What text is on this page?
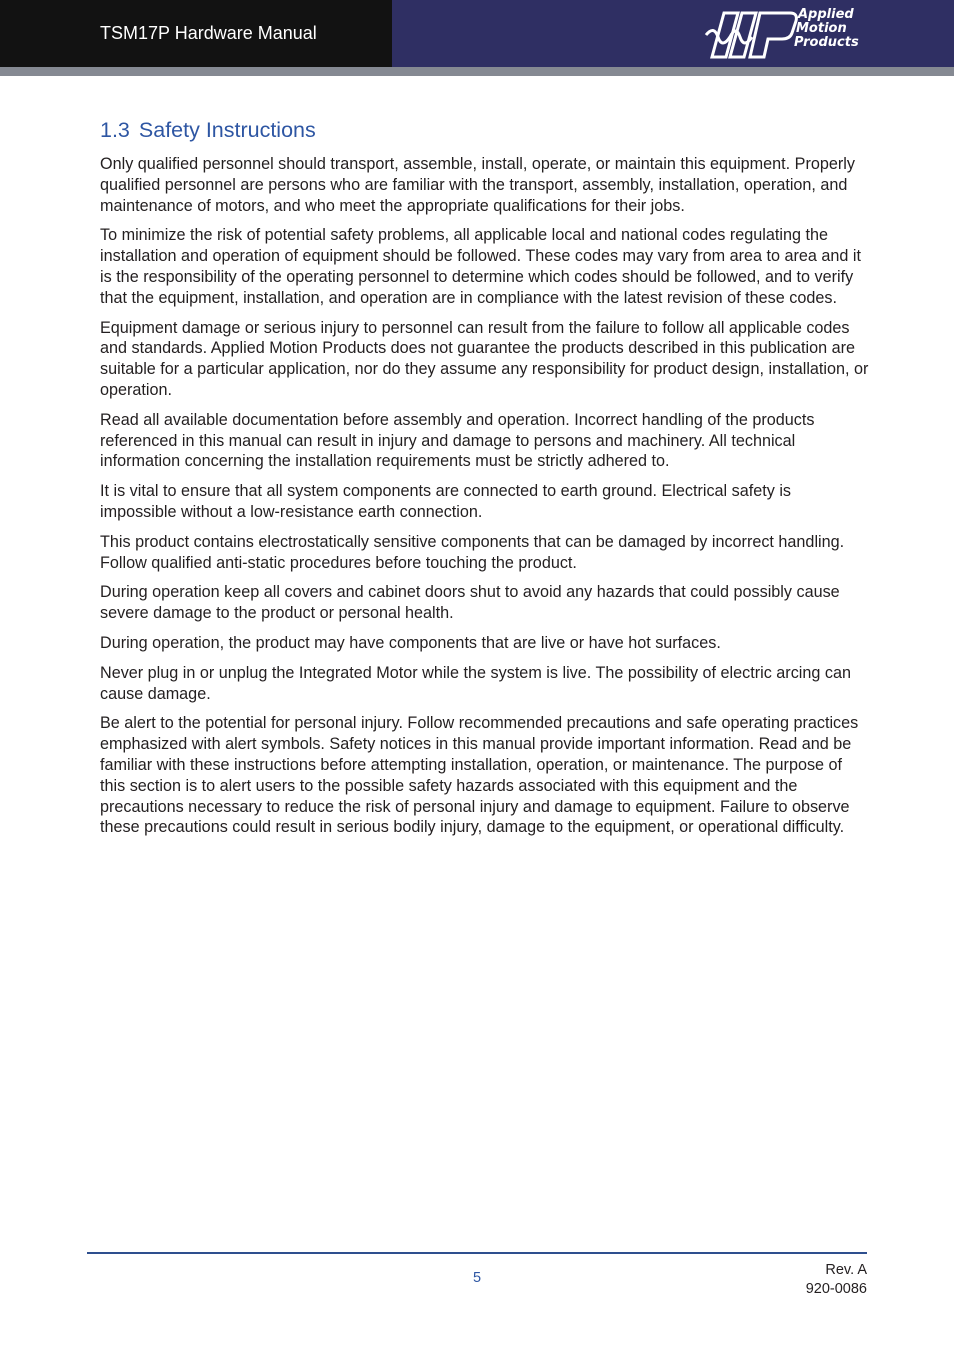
TSM17P Hardware Manual
Applied
Motion
Products
1.3 Safety Instructions

Only qualified personnel should transport, assemble, install, operate, or maintain this equipment. Properly qualified personnel are persons who are familiar with the transport, assembly, installation, operation, and maintenance of motors, and who meet the appropriate qualifications for their jobs.

To minimize the risk of potential safety problems, all applicable local and national codes regulating the installation and operation of equipment should be followed. These codes may vary from area to area and it is the responsibility of the operating personnel to determine which codes should be followed, and to verify that the equipment, installation, and operation are in compliance with the latest revision of these codes.

Equipment damage or serious injury to personnel can result from the failure to follow all applicable codes and standards. Applied Motion Products does not guarantee the products described in this publication are suitable for a particular application, nor do they assume any responsibility for product design, installation, or operation.

Read all available documentation before assembly and operation. Incorrect handling of the products referenced in this manual can result in injury and damage to persons and machinery. All technical information concerning the installation requirements must be strictly adhered to.

It is vital to ensure that all system components are connected to earth ground. Electrical safety is impossible without a low-resistance earth connection.

This product contains electrostatically sensitive components that can be damaged by incorrect handling. Follow qualified anti-static procedures before touching the product.

During operation keep all covers and cabinet doors shut to avoid any hazards that could possibly cause severe damage to the product or personal health.

During operation, the product may have components that are live or have hot surfaces.

Never plug in or unplug the Integrated Motor while the system is live. The possibility of electric arcing can cause damage.

Be alert to the potential for personal injury. Follow recommended precautions and safe operating practices emphasized with alert symbols. Safety notices in this manual provide important information. Read and be familiar with these instructions before attempting installation, operation, or maintenance. The purpose of this section is to alert users to the possible safety hazards associated with this equipment and the precautions necessary to reduce the risk of personal injury and damage to equipment. Failure to observe these precautions could result in serious bodily injury, damage to the equipment, or operational difficulty.

5	Rev. A
920-0086
